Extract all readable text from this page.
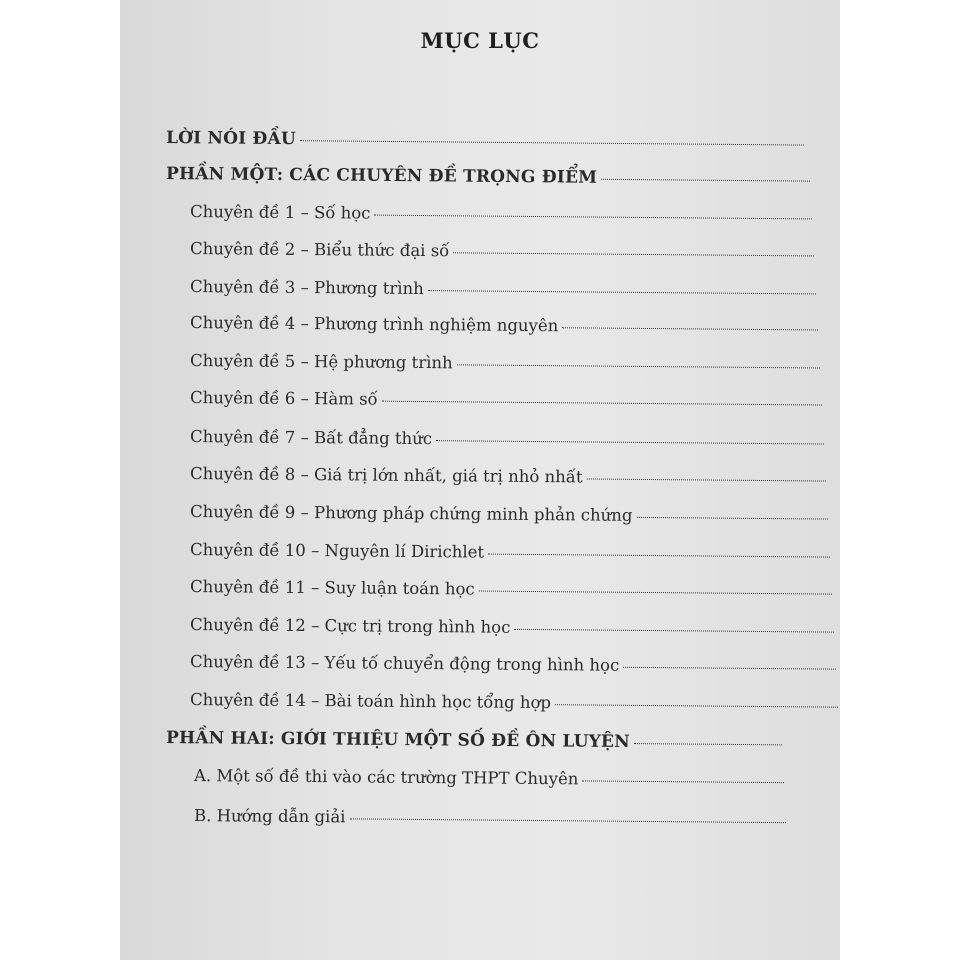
MỤC LỤC
LỜI NÓI ĐẦU
PHẦN MỘT: CÁC CHUYÊN ĐỀ TRỌNG ĐIỂM
Chuyên đề 1 – Số học
Chuyên đề 2 – Biểu thức đại số
Chuyên đề 3 – Phương trình
Chuyên đề 4 – Phương trình nghiệm nguyên
Chuyên đề 5 – Hệ phương trình
Chuyên đề 6 – Hàm số
Chuyên đề 7 – Bất đẳng thức
Chuyên đề 8 – Giá trị lớn nhất, giá trị nhỏ nhất
Chuyên đề 9 – Phương pháp chứng minh phản chứng
Chuyên đề 10 – Nguyên lí Dirichlet
Chuyên đề 11 – Suy luận toán học
Chuyên đề 12 – Cực trị trong hình học
Chuyên đề 13 – Yếu tố chuyển động trong hình học
Chuyên đề 14 – Bài toán hình học tổng hợp
PHẦN HAI: GIỚI THIỆU MỘT SỐ ĐỀ ÔN LUYỆN
A. Một số đề thi vào các trường THPT Chuyên
B. Hướng dẫn giải
